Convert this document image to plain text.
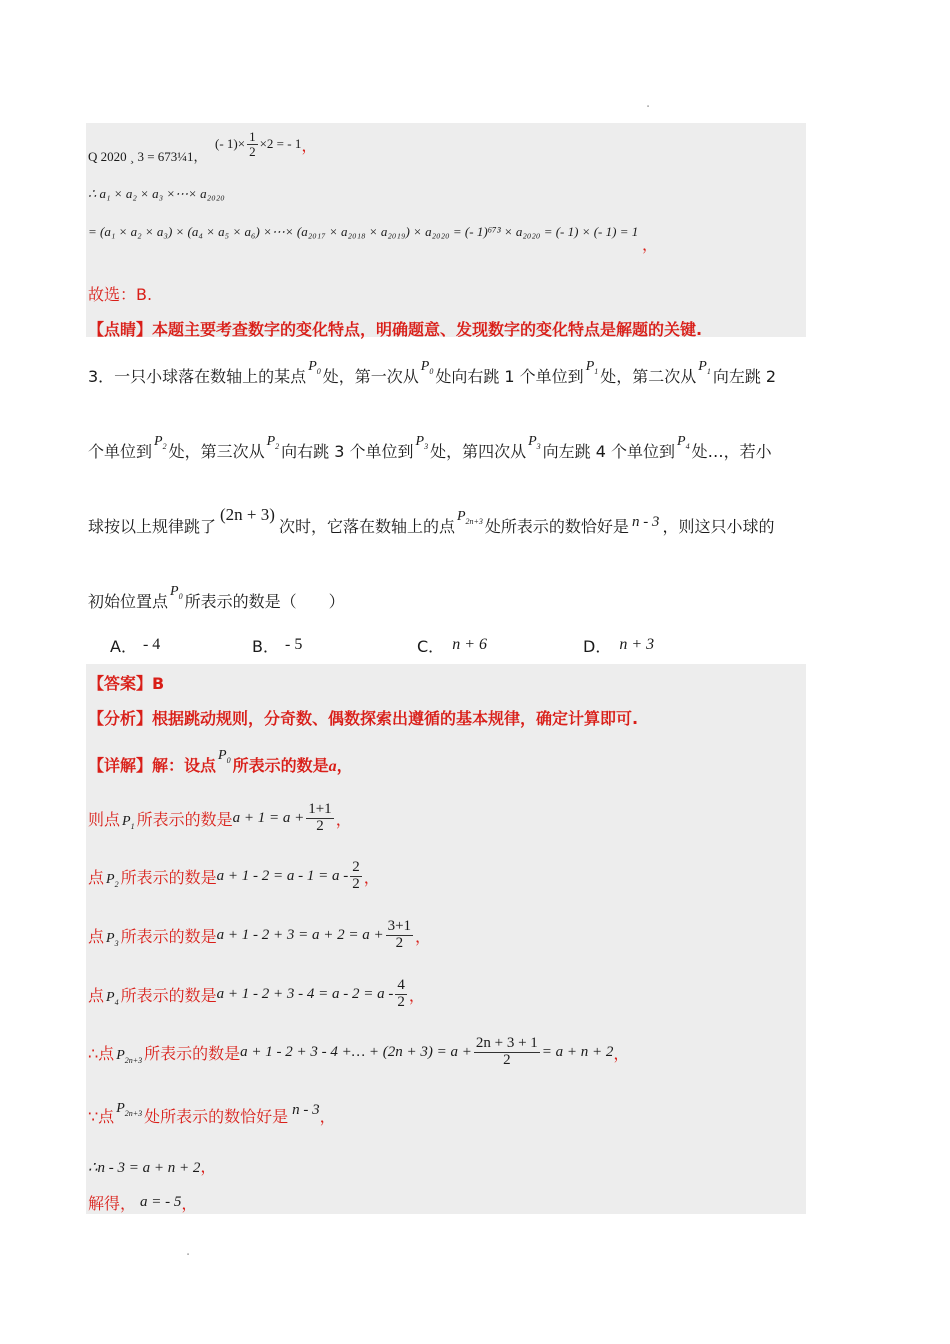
.
Q 2020 ¸ 3 = 673¼1，
(- $1)\times \frac{1}{2} \times 2$ = - 1 ，
∴ a₁ × a₂ × a₃ ×⋯× a₂₀₂₀
= (a₁ × a₂ × a₃) × (a₄ × a₅ × a₆) ×⋯× (a₂₀₁₇ × a₂₀₁₈ × a₂₀₁₉) × a₂₀₂₀ = (- 1)⁶⁷³ × a₂₀₂₀ = (- 1) × (- 1) = 1
，
故选：B.
【点睛】本题主要考查数字的变化特点，明确题意、发现数字的变化特点是解题的关键.
3．一只小球落在数轴上的某点$P_0$ 处，第一次从$P_0$ 处向右跳 1 个单位到$P_1$ 处，第二次从$P_1$ 向左跳 2
个单位到$P_2$ 处，第三次从$P_2$ 向右跳 3 个单位到$P_3$ 处，第四次从$P_3$ 向左跳 4 个单位到$P_4$ 处…，若小
球按以上规律跳了(2n + 3)次时，它落在数轴上的点$P_{2n+3}$ 处所表示的数恰好是 n - 3 ，则这只小球的
初始位置点$P_0$ 所表示的数是（　　）
A． - 4	B． - 5	C． n + 6	D． n + 3
【答案】B
【分析】根据跳动规则，分奇数、偶数探索出遵循的基本规律，确定计算即可.
【详解】解：设点$P_0$ 所表示的数是a，
则点 $P_1$ 所表示的数是 $a + 1 = a + \frac{1+1}{2}$ ，
点 $P_2$ 所表示的数是 $a + 1 - 2 = a - 1 = a - \frac{2}{2}$ ，
点 $P_3$ 所表示的数是 $a + 1 - 2 + 3 = a + 2 = a + \frac{3+1}{2}$ ，
点 $P_4$ 所表示的数是 $a + 1 - 2 + 3 - 4 = a - 2 = a - \frac{4}{2}$ ，
∴点 $P_{2n+3}$ 所表示的数是 a + 1 - 2 + 3 - 4 +… + $(2n + 3) = a + \frac{2n + 3 + 1}{2} = a + n + 2$ ，
∵点 $P_{2n+3}$ 处所表示的数恰好是 n - 3，
∴n - 3 = a + n + 2，
解得， a = - 5，
.
